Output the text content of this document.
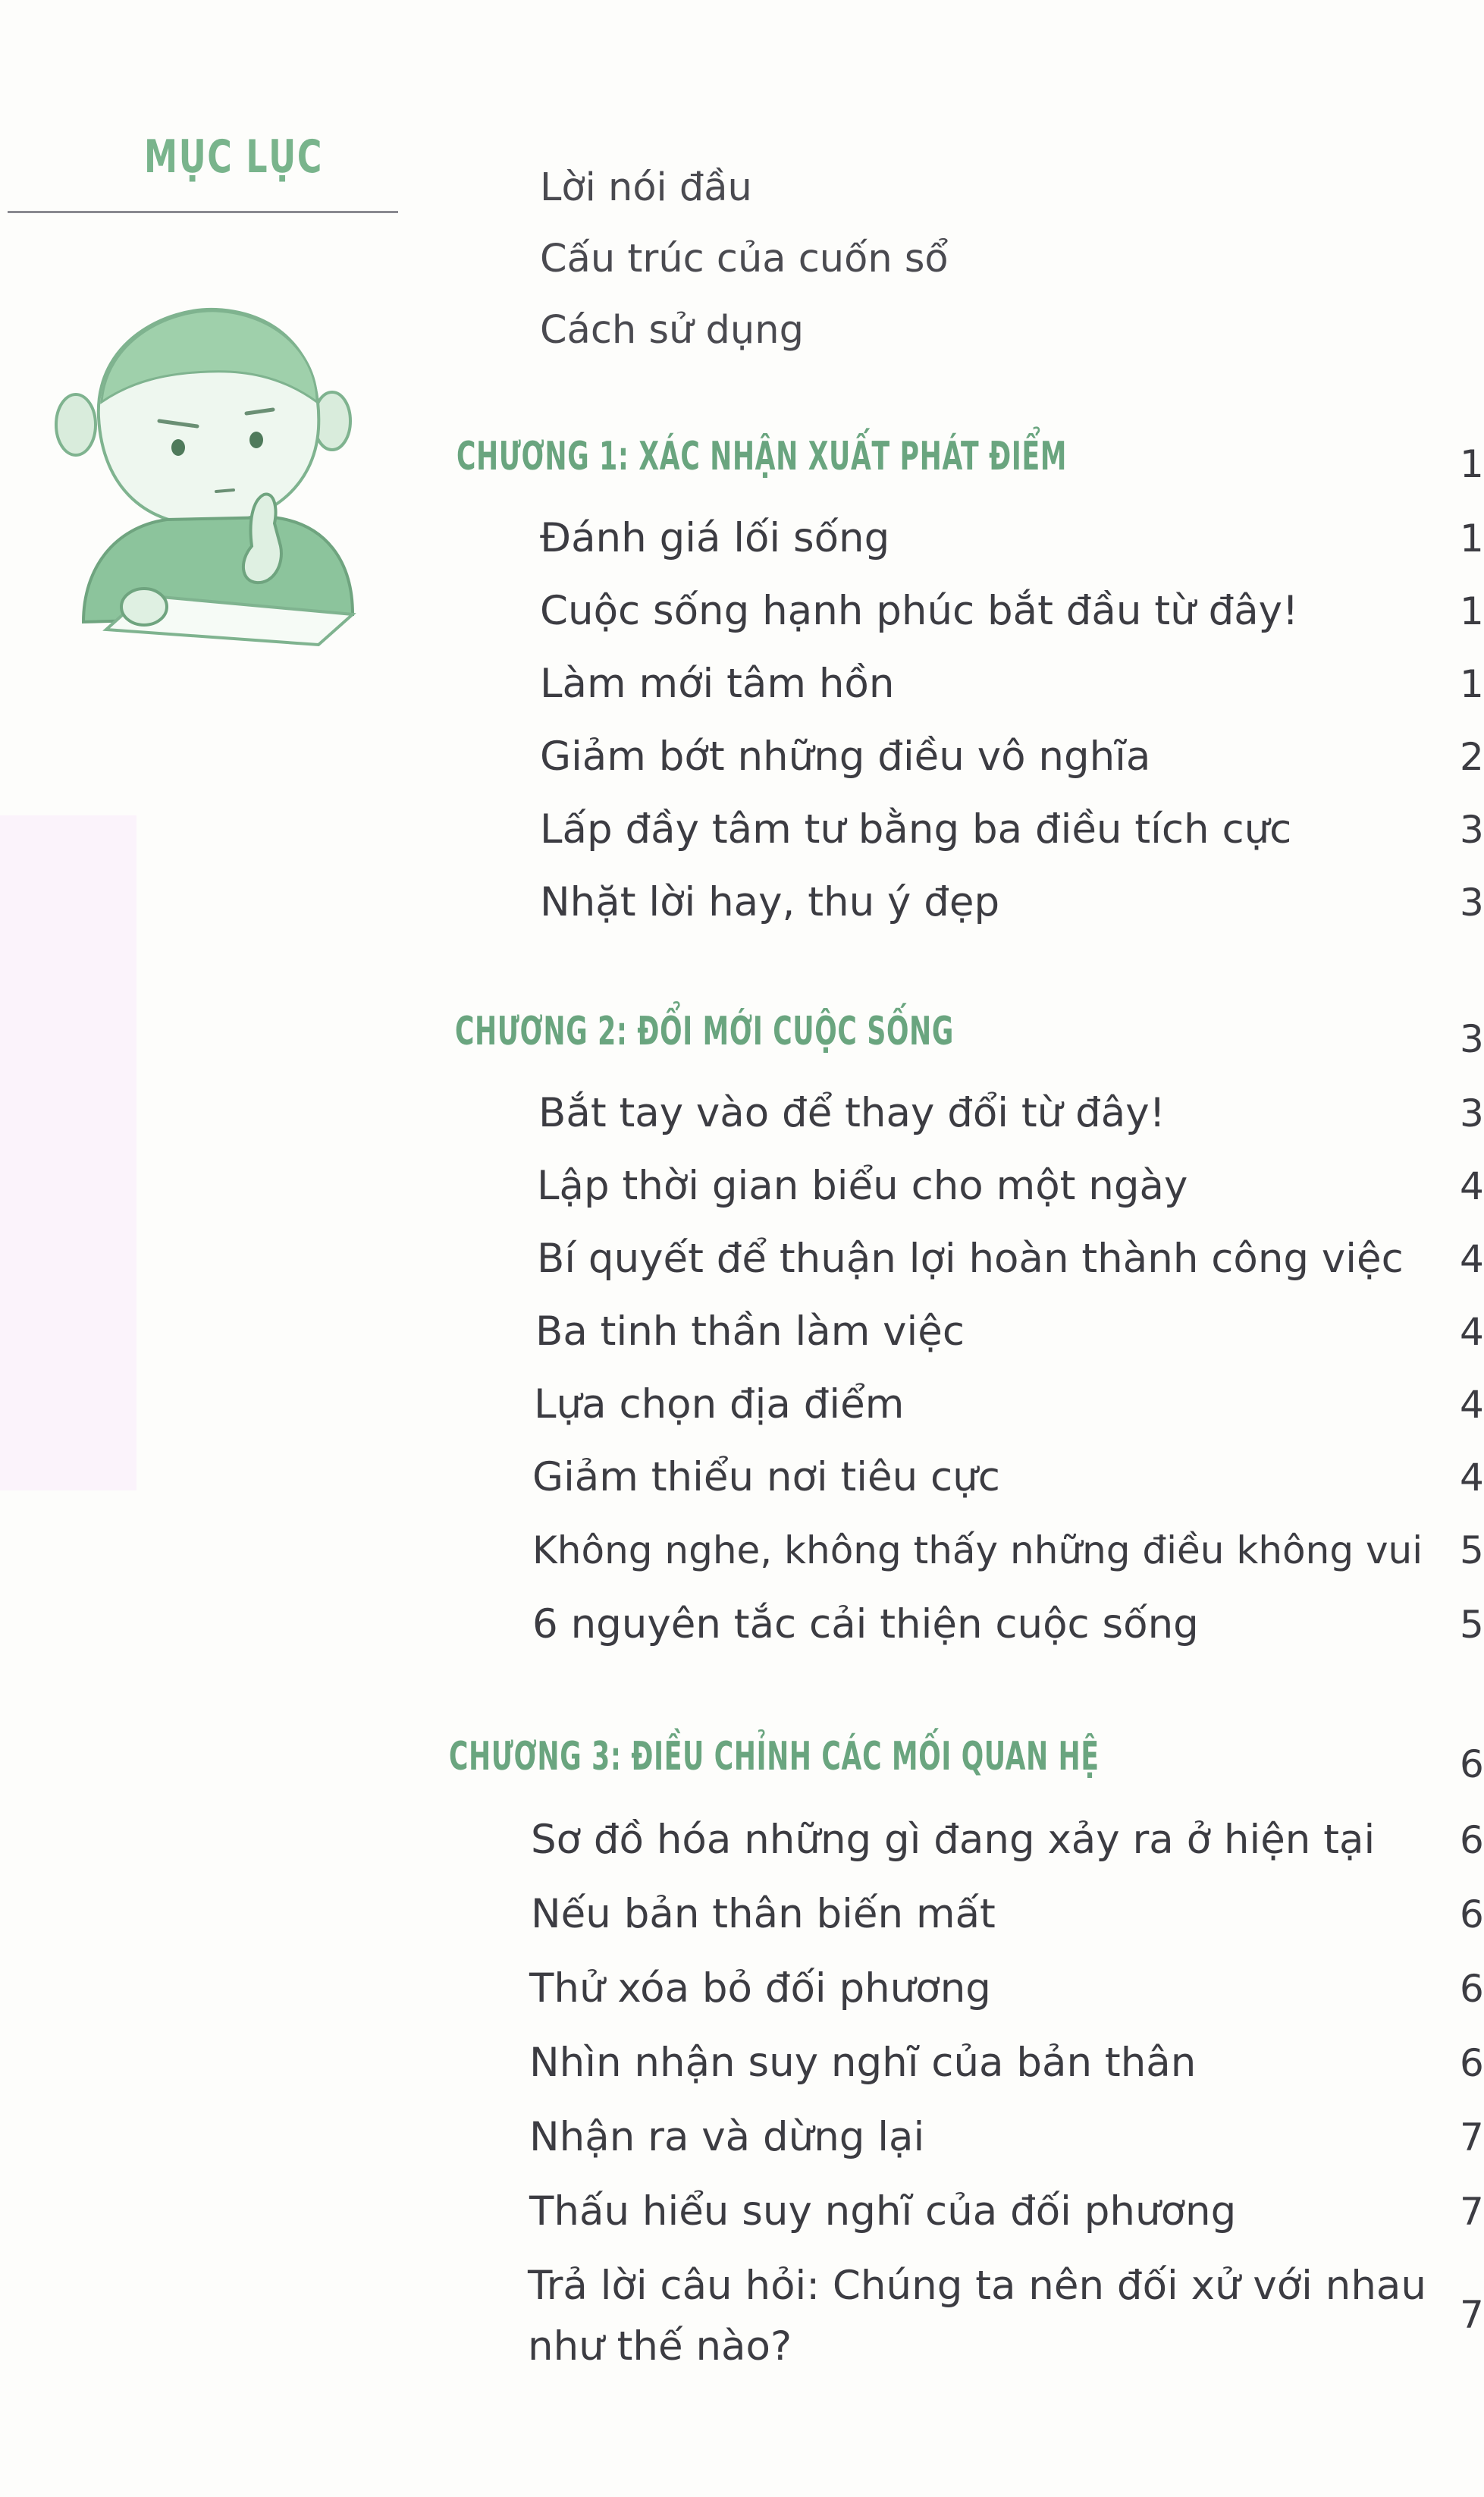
MỤC LỤC
Lời nói đầu
Cấu trúc của cuốn sổ
Cách sử dụng
CHƯƠNG 1: XÁC NHẬN XUẤT PHÁT ĐIỂM	1
Đánh giá lối sống	1
Cuộc sống hạnh phúc bắt đầu từ đây!	1
Làm mới tâm hồn	1
Giảm bớt những điều vô nghĩa	2
Lấp đầy tâm tư bằng ba điều tích cực	3
Nhặt lời hay, thu ý đẹp	3
CHƯƠNG 2: ĐỔI MỚI CUỘC SỐNG	3
Bắt tay vào để thay đổi từ đây!	3
Lập thời gian biểu cho một ngày	4
Bí quyết để thuận lợi hoàn thành công việc 4
Ba tinh thần làm việc	4
Lựa chọn địa điểm	4
Giảm thiểu nơi tiêu cực	4
Không nghe, không thấy những điều không vui 5
6 nguyên tắc cải thiện cuộc sống	5
CHƯƠNG 3: ĐIỀU CHỈNH CÁC MỐI QUAN HỆ	6
Sơ đồ hóa những gì đang xảy ra ở hiện tại 6
Nếu bản thân biến mất	6
Thử xóa bỏ đối phương	6
Nhìn nhận suy nghĩ của bản thân	6
Nhận ra và dừng lại	7
Thấu hiểu suy nghĩ của đối phương	7
Trả lời câu hỏi: Chúng ta nên đối xử với nhau như thế nào?
7
